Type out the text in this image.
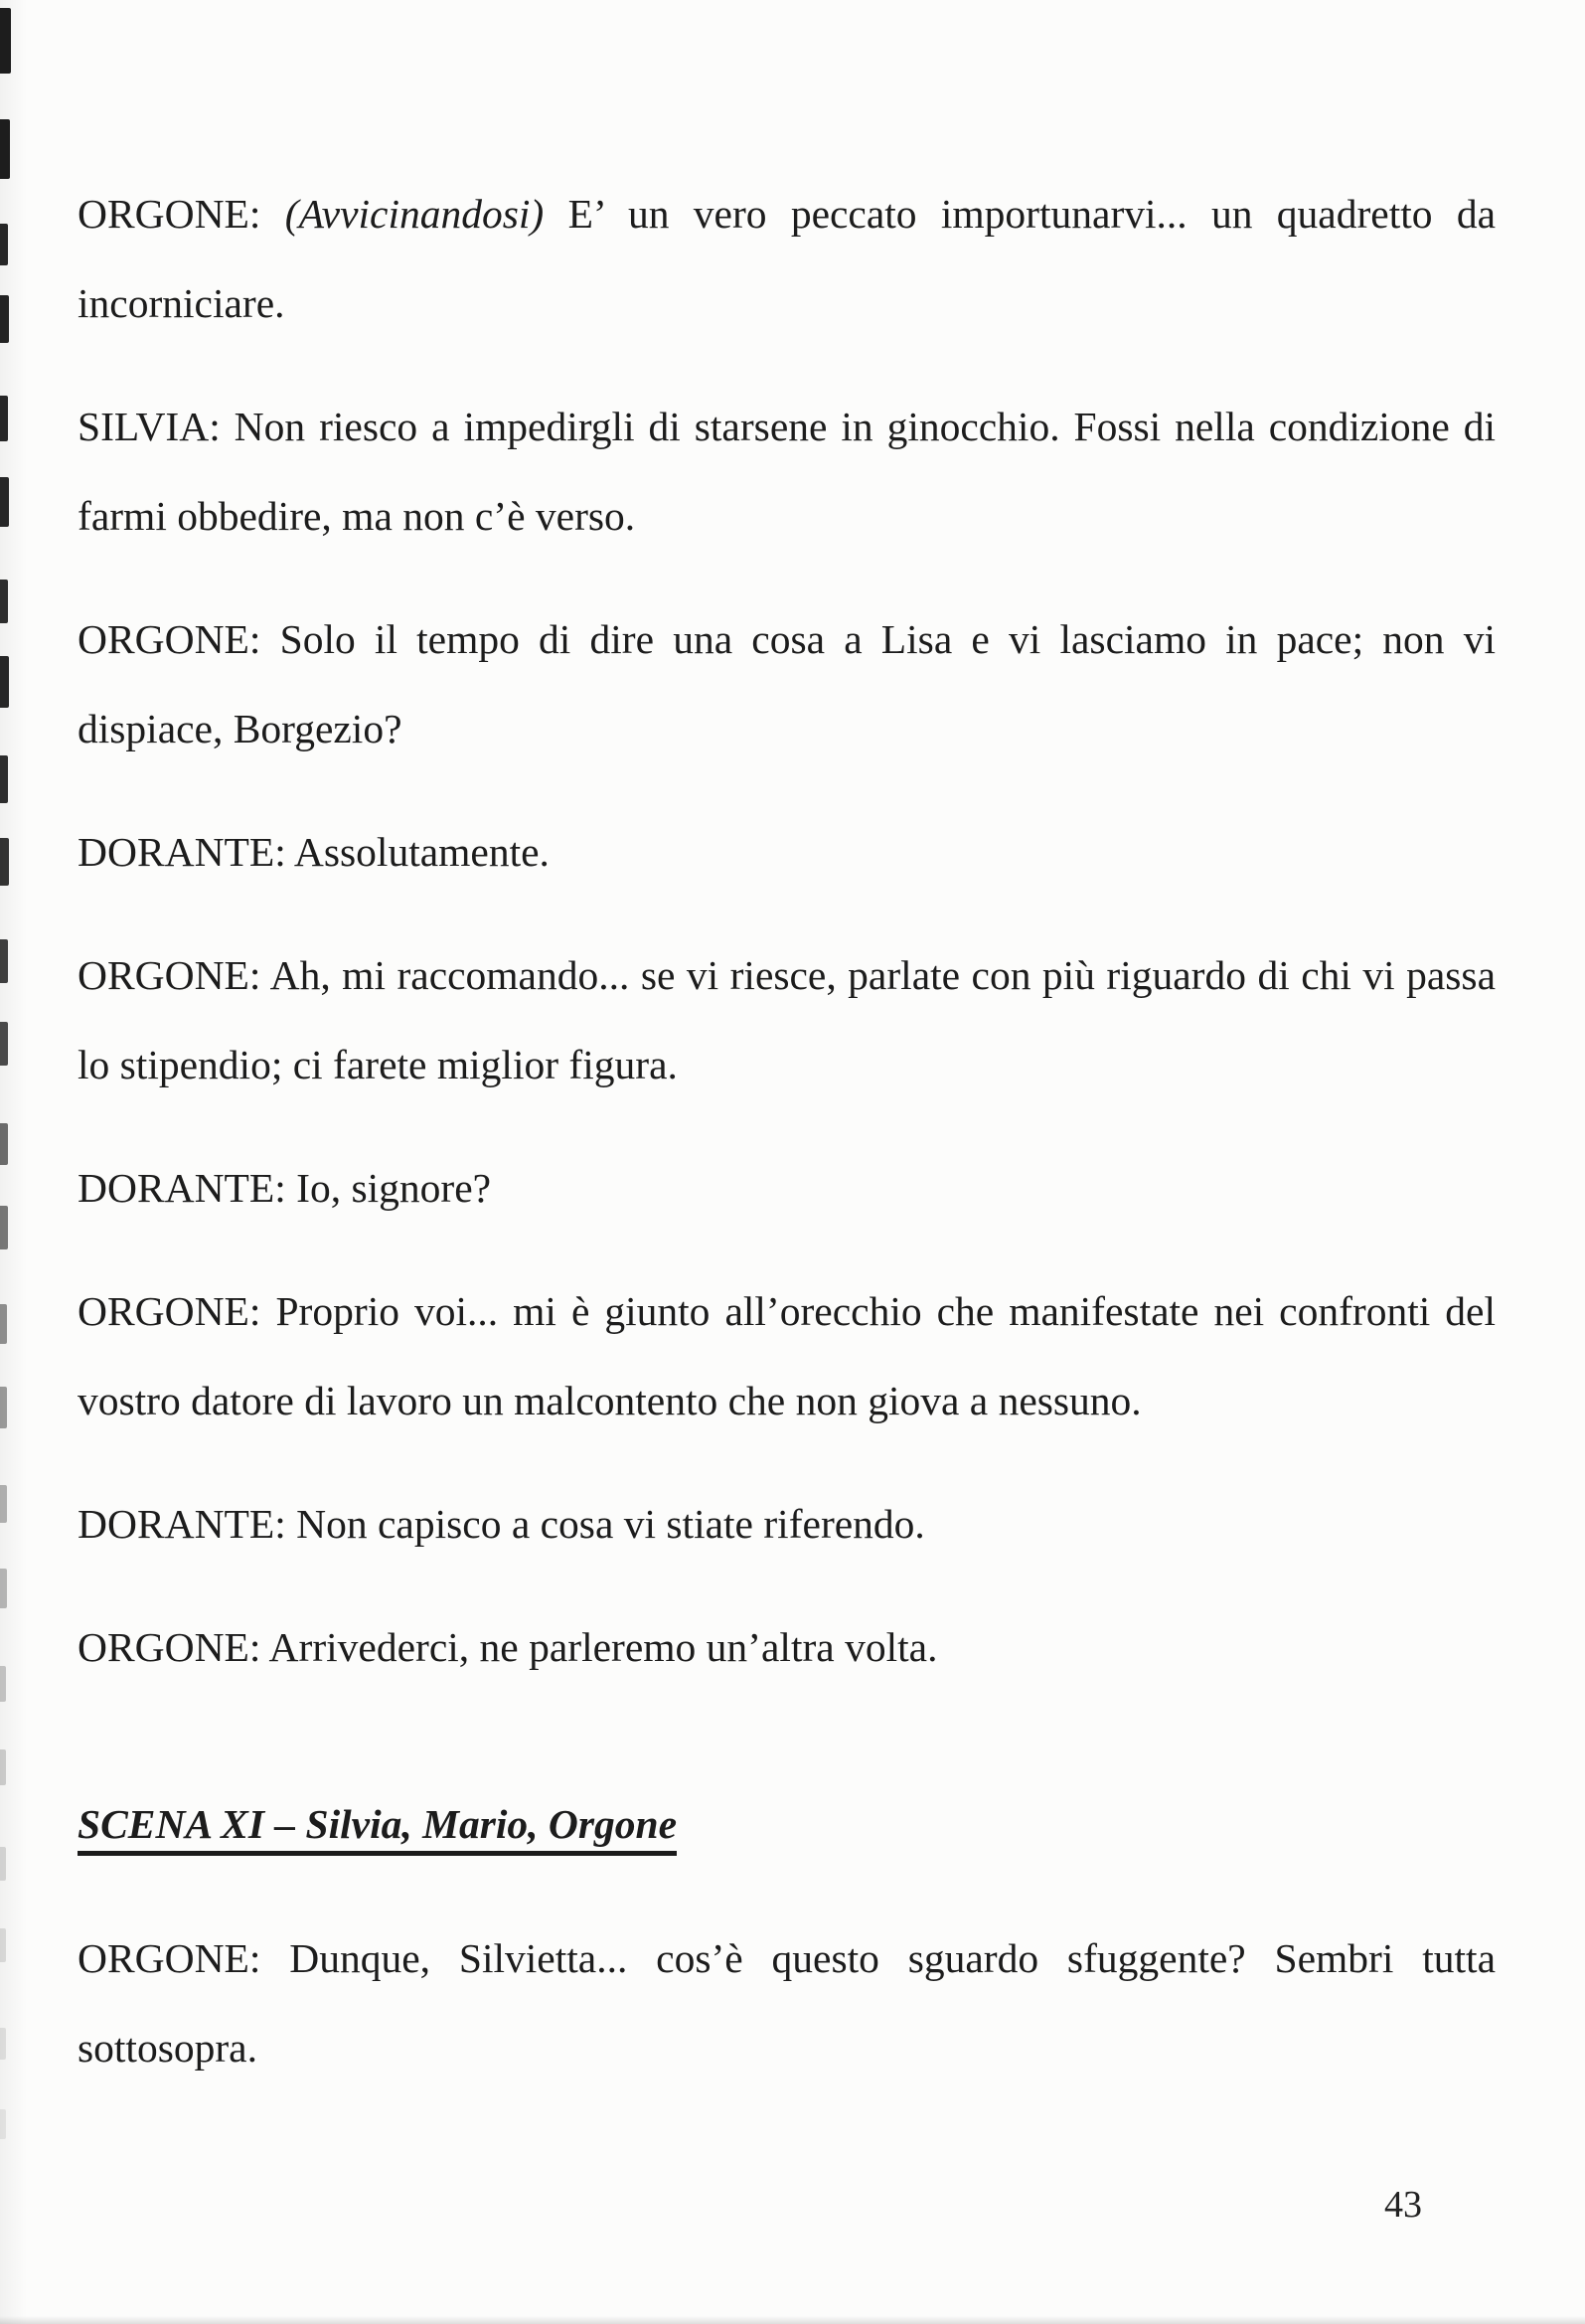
ORGONE: (Avvicinandosi) E’ un vero peccato importunarvi... un quadretto da incorniciare.

SILVIA: Non riesco a impedirgli di starsene in ginocchio. Fossi nella condizione di farmi obbedire, ma non c’è verso.

ORGONE: Solo il tempo di dire una cosa a Lisa e vi lasciamo in pace; non vi dispiace, Borgezio?

DORANTE: Assolutamente.

ORGONE: Ah, mi raccomando... se vi riesce, parlate con più riguardo di chi vi passa lo stipendio; ci farete miglior figura.

DORANTE: Io, signore?

ORGONE: Proprio voi... mi è giunto all’orecchio che manifestate nei confronti del vostro datore di lavoro un malcontento che non giova a nessuno.

DORANTE: Non capisco a cosa vi stiate riferendo.

ORGONE: Arrivederci, ne parleremo un’altra volta.

SCENA XI – Silvia, Mario, Orgone

ORGONE: Dunque, Silvietta... cos’è questo sguardo sfuggente? Sembri tutta sottosopra.

43
